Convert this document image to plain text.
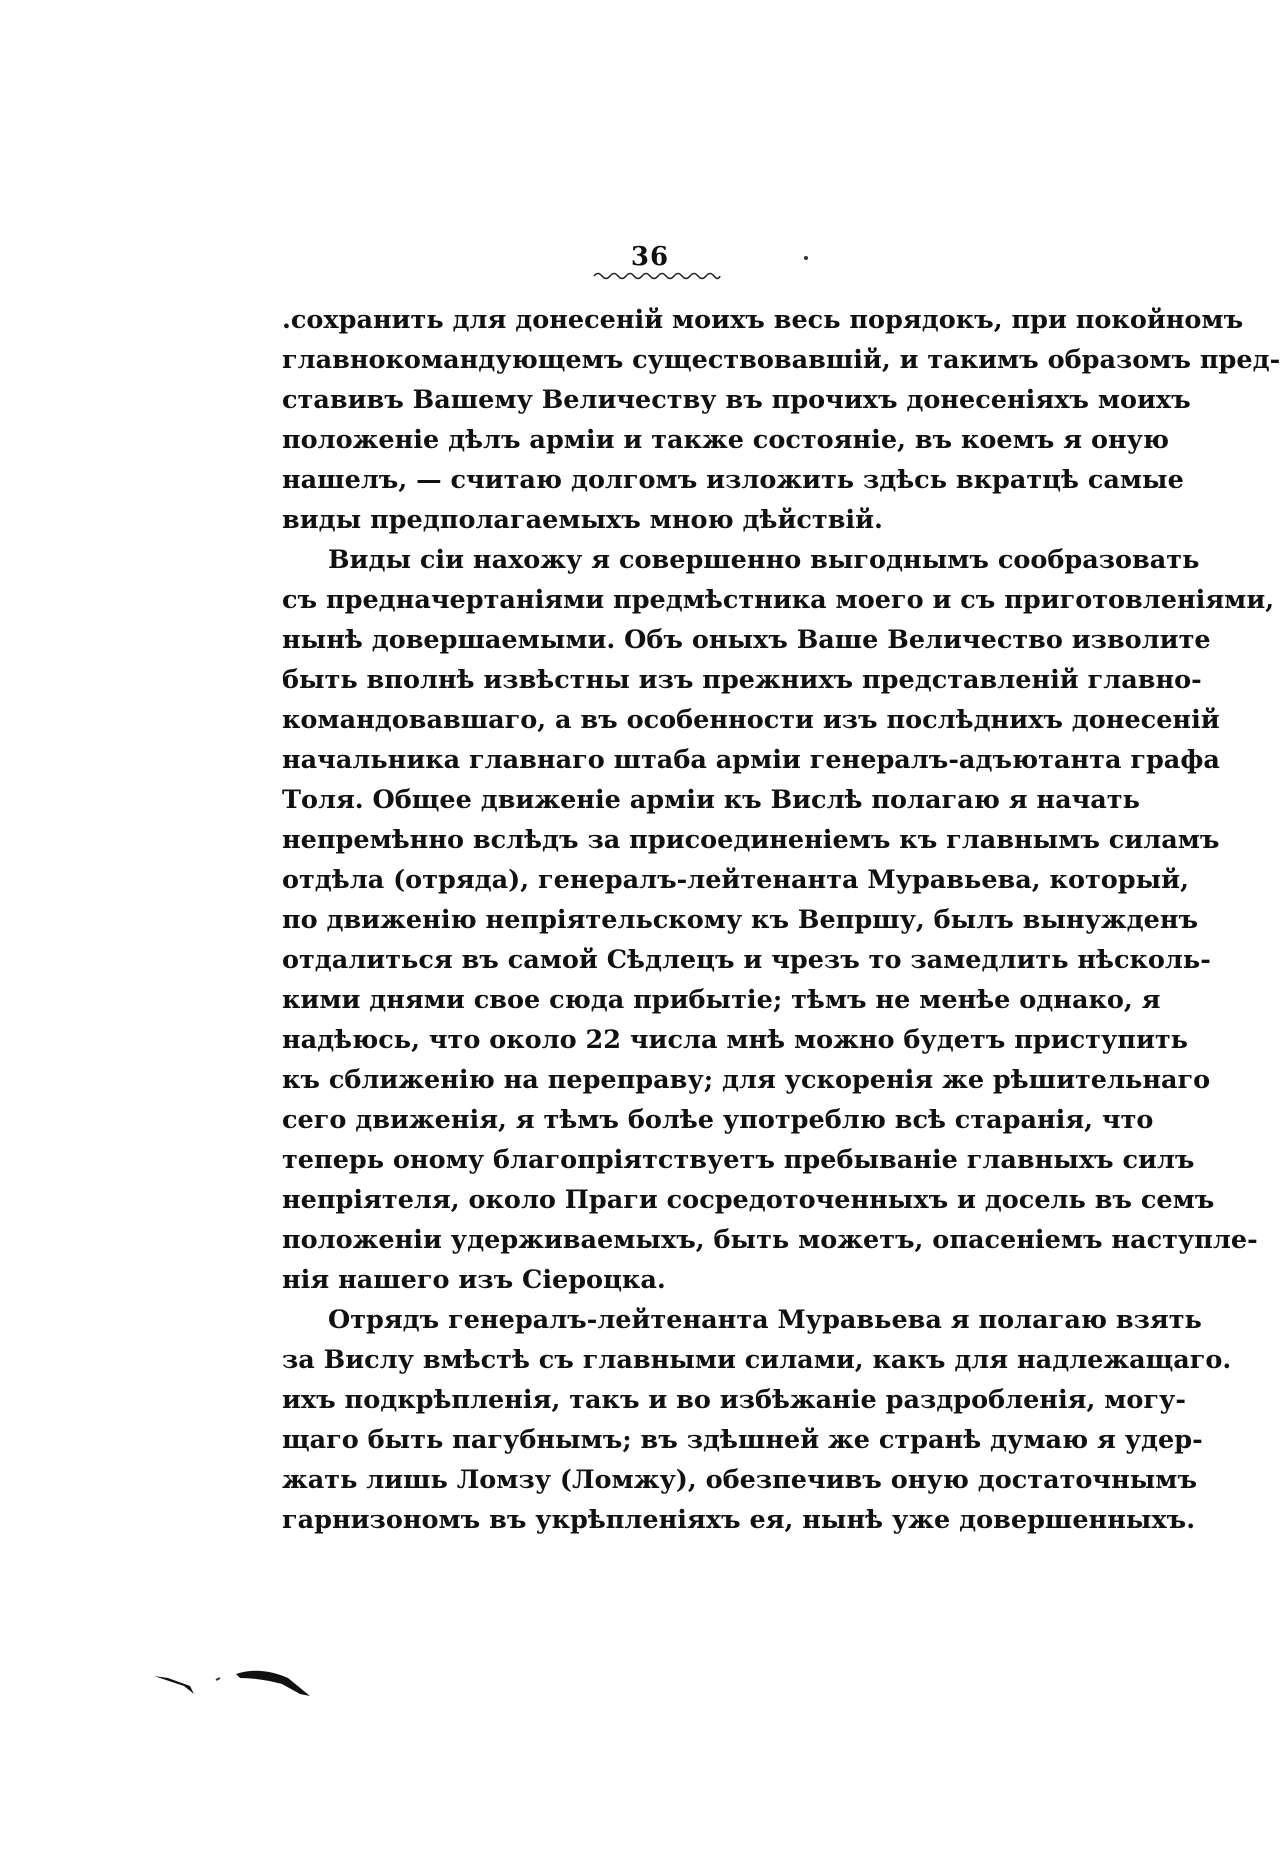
36
.сохранить для донесеній моихъ весь порядокъ, при покойномъ
главнокомандующемъ существовавшій, и такимъ образомъ пред-
ставивъ Вашему Величеству въ прочихъ донесеніяхъ моихъ
положеніе дѣлъ арміи и также состояніе, въ коемъ я оную
нашелъ, — считаю долгомъ изложить здѣсь вкратцѣ самые
виды предполагаемыхъ мною дѣйствій.
Виды сіи нахожу я совершенно выгоднымъ сообразовать
съ предначертаніями предмѣстника моего и съ приготовленіями,
нынѣ довершаемыми. Объ оныхъ Ваше Величество изволите
быть вполнѣ извѣстны изъ прежнихъ представленій главно-
командовавшаго, а въ особенности изъ послѣднихъ донесеній
начальника главнаго штаба арміи генералъ-адъютанта графа
Толя. Общее движеніе арміи къ Вислѣ полагаю я начать
непремѣнно вслѣдъ за присоединеніемъ къ главнымъ силамъ
отдѣла (отряда), генералъ-лейтенанта Муравьева, который,
по движенію непріятельскому къ Вепршу, былъ вынужденъ
отдалиться въ самой Сѣдлецъ и чрезъ то замедлить нѣсколь-
кими днями свое сюда прибытіе; тѣмъ не менѣе однако, я
надѣюсь, что около 22 числа мнѣ можно будетъ приступить
къ сближенію на переправу; для ускоренія же рѣшительнаго
сего движенія, я тѣмъ болѣе употреблю всѣ старанія, что
теперь оному благопріятствуетъ пребываніе главныхъ силъ
непріятеля, около Праги сосредоточенныхъ и досель въ семъ
положеніи удерживаемыхъ, быть можетъ, опасеніемъ наступле-
нія нашего изъ Сіероцка.
Отрядъ генералъ-лейтенанта Муравьева я полагаю взять
за Вислу вмѣстѣ съ главными силами, какъ для надлежащаго.
ихъ подкрѣпленія, такъ и во избѣжаніе раздробленія, могу-
щаго быть пагубнымъ; въ здѣшней же странѣ думаю я удер-
жать лишь Ломзу (Ломжу), обезпечивъ оную достаточнымъ
гарнизономъ въ укрѣпленіяхъ ея, нынѣ уже довершенныхъ.
